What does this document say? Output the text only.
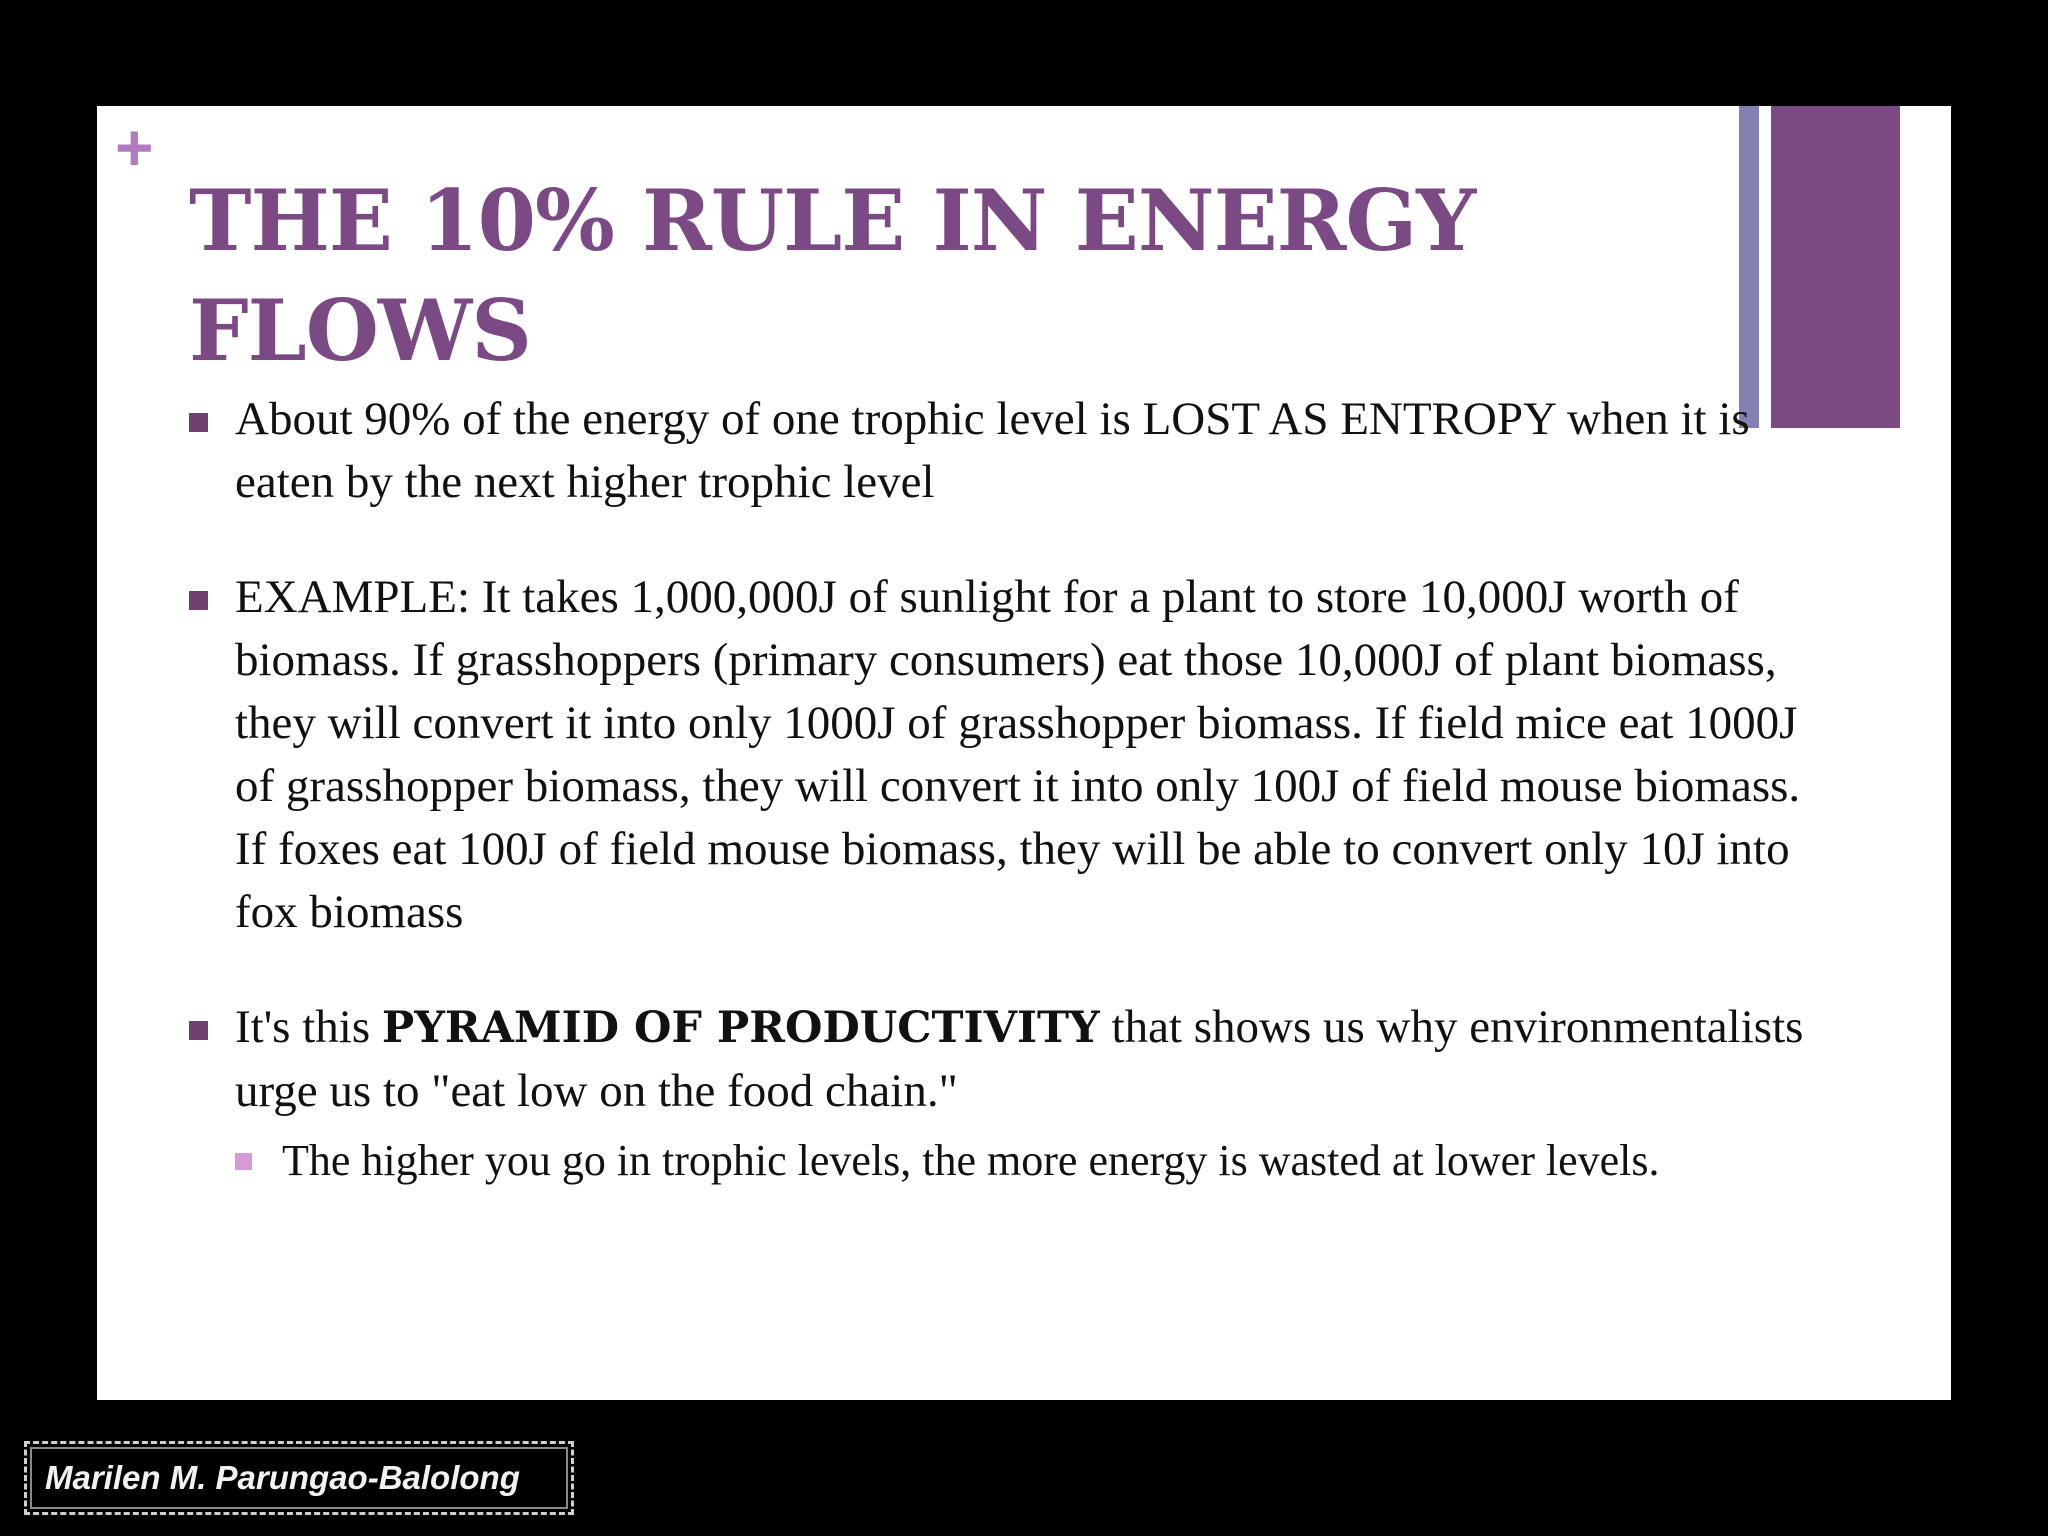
+
THE 10% RULE IN ENERGY FLOWS
About 90% of the energy of one trophic level is LOST AS ENTROPY when it is eaten by the next higher trophic level
EXAMPLE: It takes 1,000,000J of sunlight for a plant to store 10,000J worth of biomass. If grasshoppers (primary consumers) eat those 10,000J of plant biomass, they will convert it into only 1000J of grasshopper biomass. If field mice eat 1000J of grasshopper biomass, they will convert it into only 100J of field mouse biomass. If foxes eat 100J of field mouse biomass, they will be able to convert only 10J into fox biomass
It's this PYRAMID OF PRODUCTIVITY that shows us why environmentalists urge us to "eat low on the food chain."
The higher you go in trophic levels, the more energy is wasted at lower levels.
Marilen M. Parungao-Balolong
